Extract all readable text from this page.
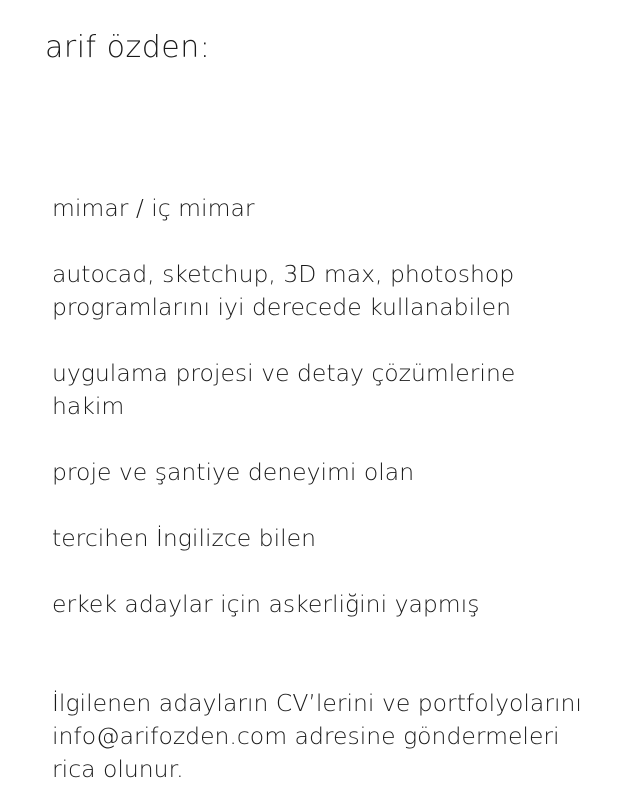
arif özden:

mimar / iç mimar

autocad, sketchup, 3D max, photoshop
programlarını iyi derecede kullanabilen

uygulama projesi ve detay çözümlerine
hakim

proje ve şantiye deneyimi olan

tercihen İngilizce bilen

erkek adaylar için askerliğini yapmış

İlgilenen adayların CV’lerini ve portfolyolarını
info@arifozden.com adresine göndermeleri
rica olunur.
